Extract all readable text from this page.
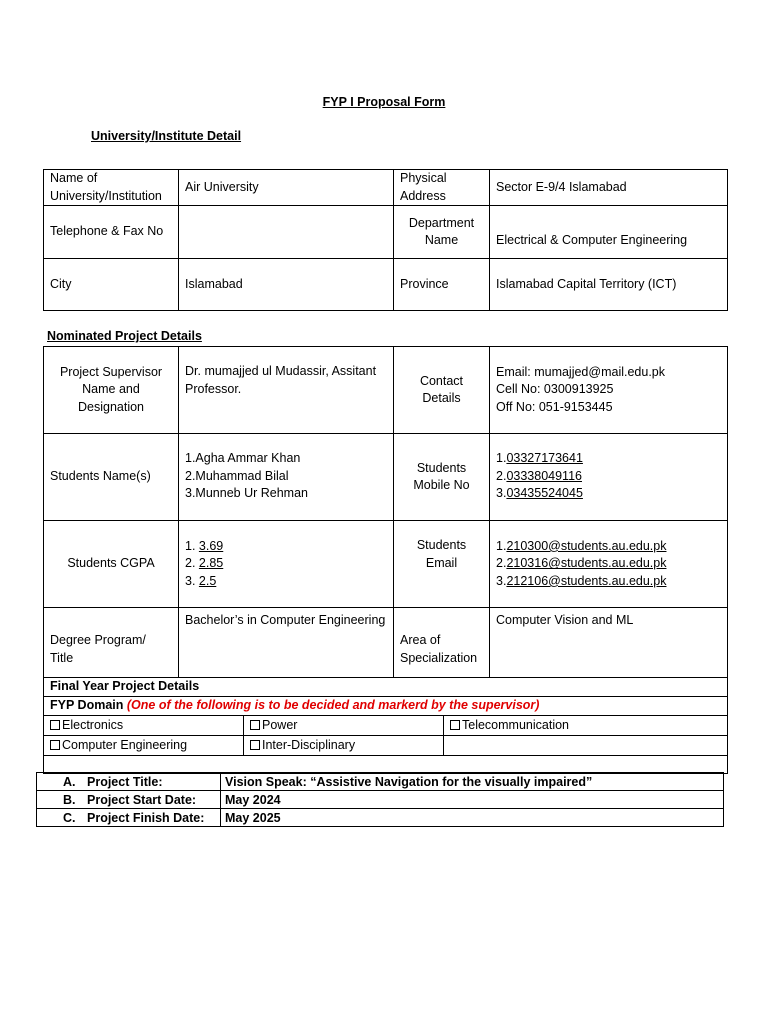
FYP I Proposal Form
University/Institute Detail
Name of University/Institution	Air University	Physical Address	Sector E-9/4 Islamabad
Telephone & Fax No		Department Name	Electrical & Computer Engineering
City	Islamabad	Province	Islamabad Capital Territory (ICT)
Nominated Project Details
Project Supervisor Name and Designation	Dr. mumajjed ul Mudassir, Assitant Professor.	Contact Details	Email: mumajjed@mail.edu.pk
Cell No: 0300913925
Off No: 051-9153445

Students Name(s)	1.Agha Ammar Khan
2.Muhammad Bilal
3.Munneb Ur Rehman	Students Mobile No	1.03327173641
2.03338049116
3.03435524045

Students CGPA	1. 3.69
2. 2.85
3. 2.5	Students Email	1.210300@students.au.edu.pk
2.210316@students.au.edu.pk
3.212106@students.au.edu.pk

Degree Program/ Title	Bachelor’s in Computer Engineering	Area of Specialization	Computer Vision and ML
Final Year Project Details		
FYP Domain (One of the following is to be decided and markerd by the supervisor)		
Electronics	Power	Telecommunication
Computer Engineering	Inter-Disciplinary	

A. Project Title:	Vision Speak: “Assistive Navigation for the visually impaired”
B. Project Start Date:	May 2024
C. Project Finish Date:	May 2025
